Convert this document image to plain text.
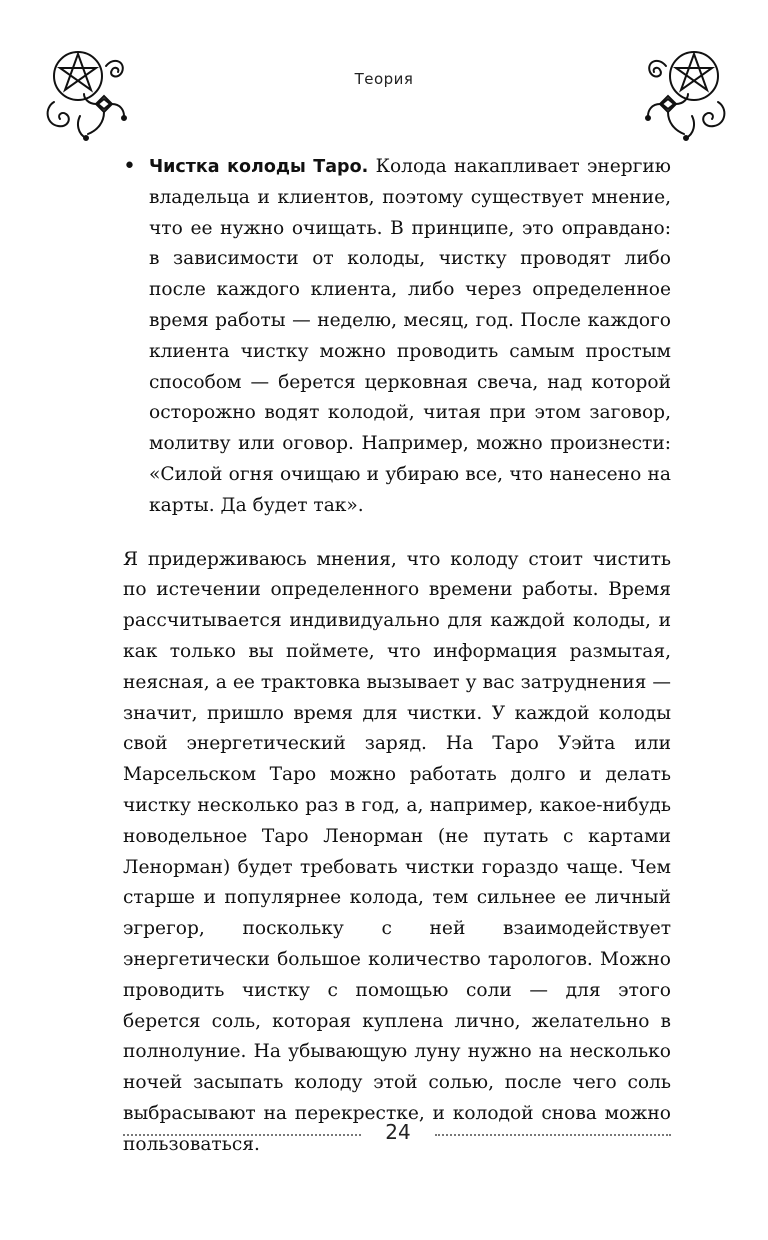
Теория

• Чистка колоды Таро. Колода накапливает энергию владельца и клиентов, поэтому существует мнение, что ее нужно очищать. В принципе, это оправдано: в зависимости от колоды, чистку проводят либо после каждого клиента, либо через определенное время работы — неделю, месяц, год. После каждого клиента чистку можно проводить самым простым способом — берется церковная свеча, над которой осторожно водят колодой, читая при этом заговор, молитву или оговор. Например, можно произнести: «Силой огня очищаю и убираю все, что нанесено на карты. Да будет так».

Я придерживаюсь мнения, что колоду стоит чистить по истечении определенного времени работы. Время рассчитывается индивидуально для каждой колоды, и как только вы поймете, что информация размытая, неясная, а ее трактовка вызывает у вас затруднения — значит, пришло время для чистки. У каждой колоды свой энергетический заряд. На Таро Уэйта или Марсельском Таро можно работать долго и делать чистку несколько раз в год, а, например, какое-нибудь новодельное Таро Ленорман (не путать с картами Ленорман) будет требовать чистки гораздо чаще. Чем старше и популярнее колода, тем сильнее ее личный эгрегор, поскольку с ней взаимодействует энергетически большое количество тарологов. Можно проводить чистку с помощью соли — для этого берется соль, которая куплена лично, желательно в полнолуние. На убывающую луну нужно на несколько ночей засыпать колоду этой солью, после чего соль выбрасывают на перекрестке, и колодой снова можно пользоваться.

24
